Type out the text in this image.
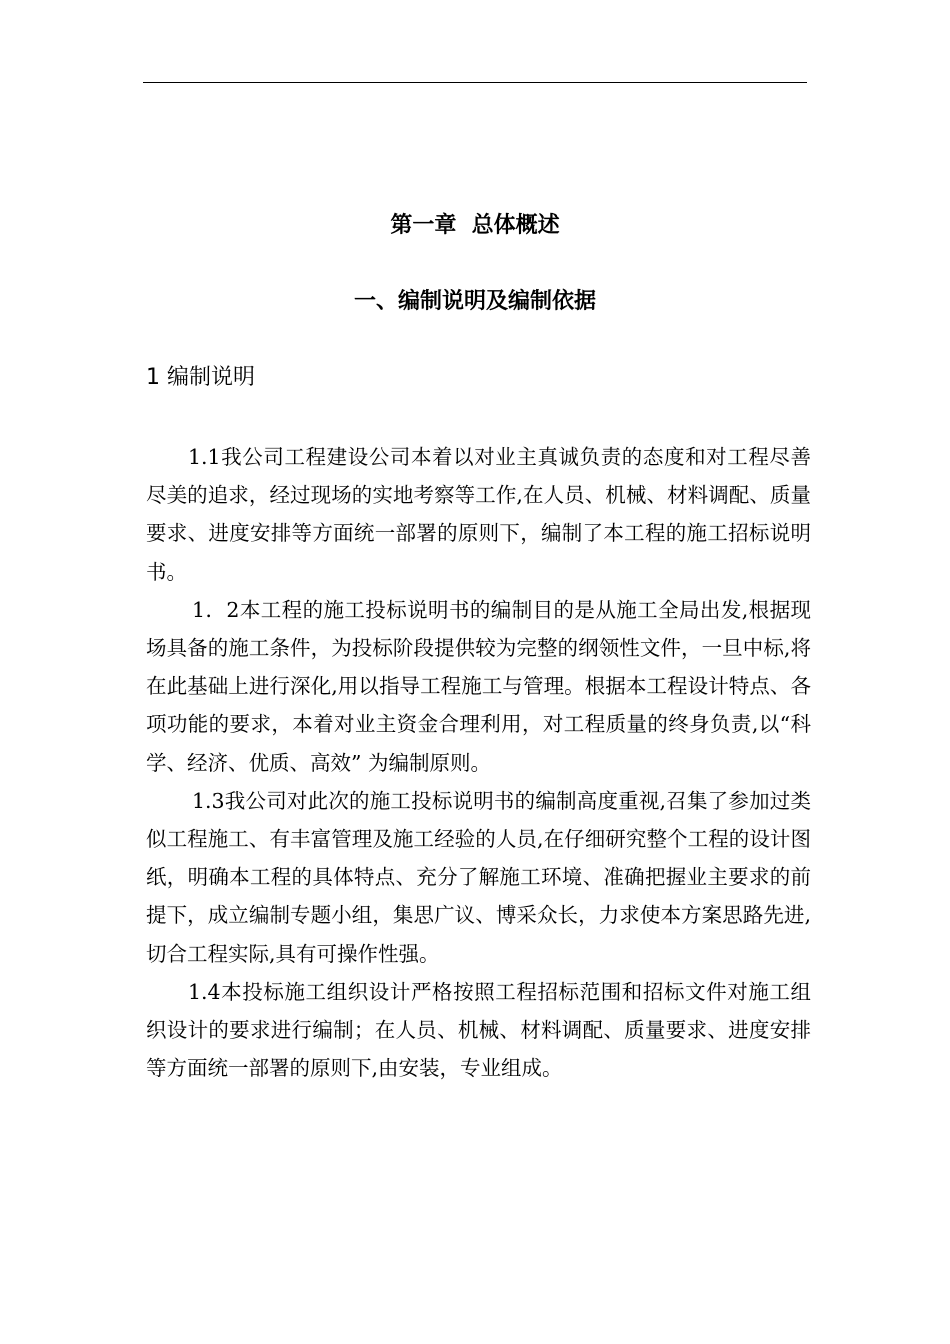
第一章  总体概述
一、编制说明及编制依据
1 编制说明

1.1我公司工程建设公司本着以对业主真诚负责的态度和对工程尽善尽美的追求，经过现场的实地考察等工作,在人员、机械、材料调配、质量要求、进度安排等方面统一部署的原则下，编制了本工程的施工招标说明书。

1．2本工程的施工投标说明书的编制目的是从施工全局出发,根据现场具备的施工条件，为投标阶段提供较为完整的纲领性文件，一旦中标,将在此基础上进行深化,用以指导工程施工与管理。根据本工程设计特点、各项功能的要求，本着对业主资金合理利用，对工程质量的终身负责,以“科学、经济、优质、高效” 为编制原则。

1.3我公司对此次的施工投标说明书的编制高度重视,召集了参加过类似工程施工、有丰富管理及施工经验的人员,在仔细研究整个工程的设计图纸，明确本工程的具体特点、充分了解施工环境、准确把握业主要求的前提下，成立编制专题小组，集思广议、博采众长，力求使本方案思路先进,切合工程实际,具有可操作性强。

1.4本投标施工组织设计严格按照工程招标范围和招标文件对施工组织设计的要求进行编制；在人员、机械、材料调配、质量要求、进度安排等方面统一部署的原则下,由安装，专业组成。
